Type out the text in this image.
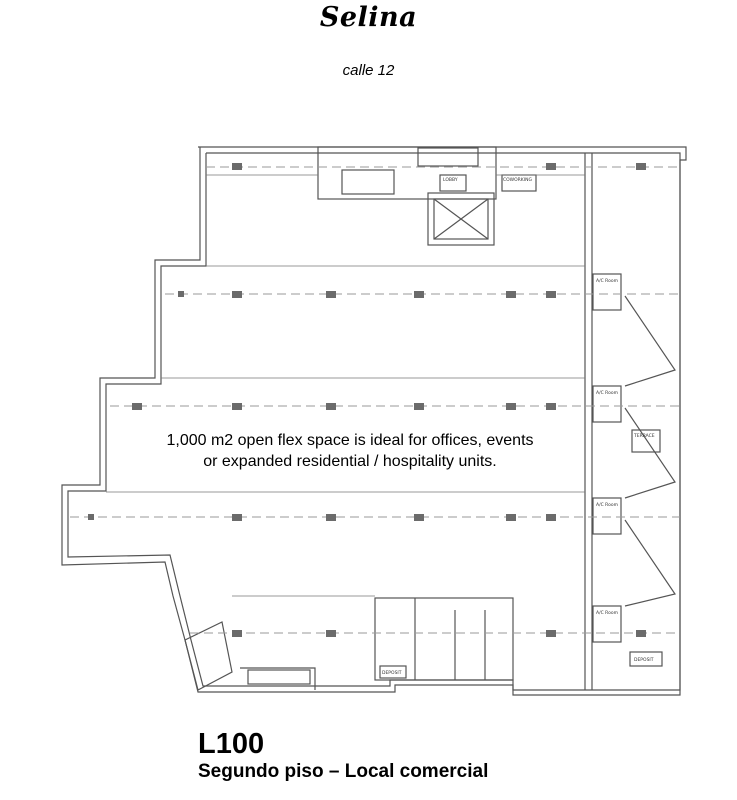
Selina
calle 12
LOBBY	COWORKING
TERRACE
A/C Room
A/C Room
A/C Room
A/C Room
DEPOSIT
DEPOSIT
1,000 m2 open flex space is ideal for offices, events
or expanded residential / hospitality units.
L100
Segundo piso – Local comercial
